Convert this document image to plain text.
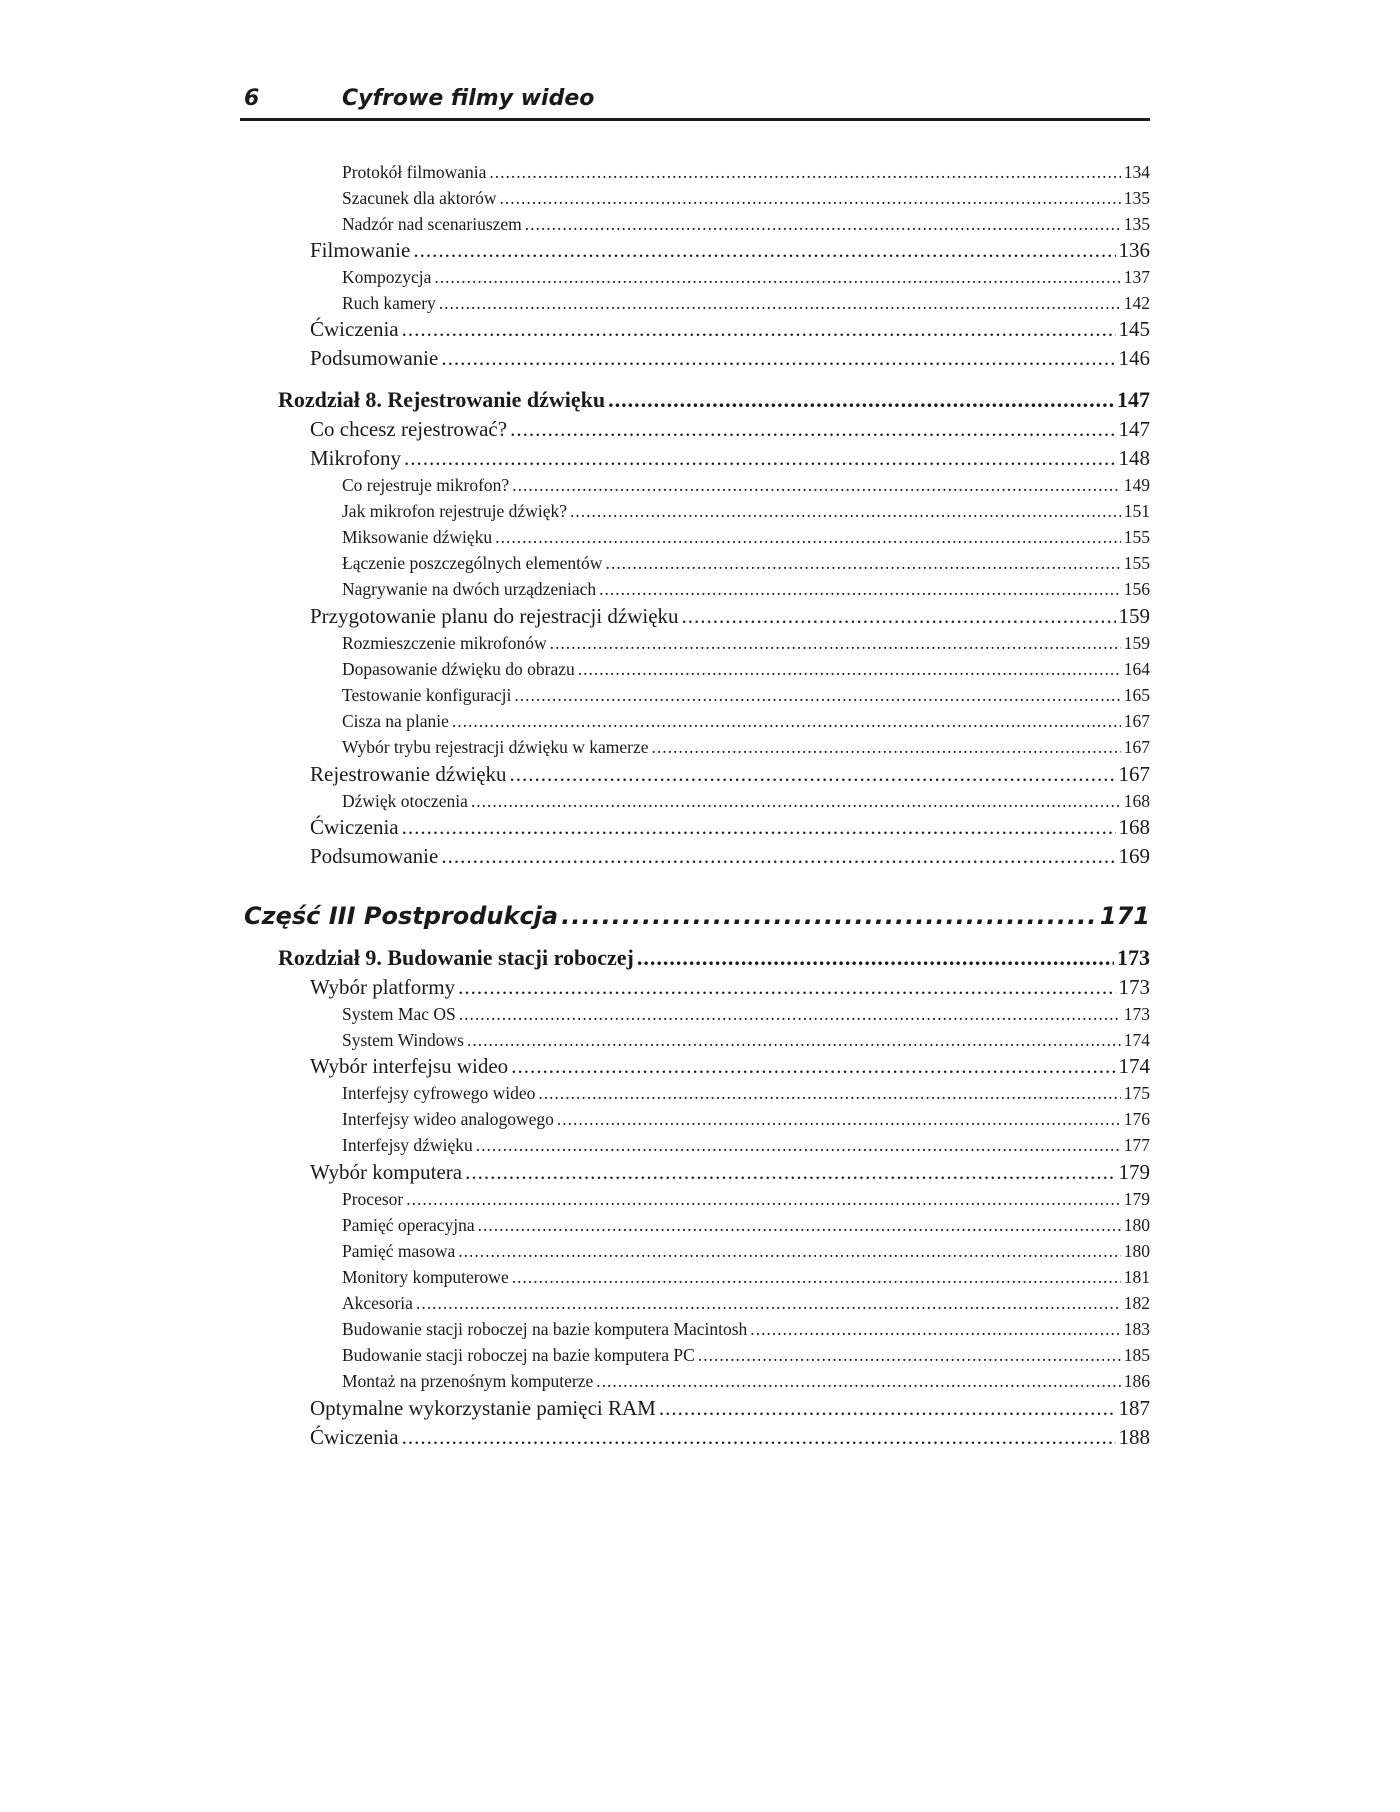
6	Cyfrowe filmy wideo
Protokół filmowania .....	134
Szacunek dla aktorów .....	135
Nadzór nad scenariuszem .....	135
Filmowanie .....	136
Kompozycja .....	137
Ruch kamery .....	142
Ćwiczenia .....	145
Podsumowanie .....	146
Rozdział 8. Rejestrowanie dźwięku .....	147
Co chcesz rejestrować? .....	147
Mikrofony .....	148
Co rejestruje mikrofon? .....	149
Jak mikrofon rejestruje dźwięk? .....	151
Miksowanie dźwięku .....	155
Łączenie poszczególnych elementów .....	155
Nagrywanie na dwóch urządzeniach .....	156
Przygotowanie planu do rejestracji dźwięku .....	159
Rozmieszczenie mikrofonów .....	159
Dopasowanie dźwięku do obrazu .....	164
Testowanie konfiguracji .....	165
Cisza na planie .....	167
Wybór trybu rejestracji dźwięku w kamerze .....	167
Rejestrowanie dźwięku .....	167
Dźwięk otoczenia .....	168
Ćwiczenia .....	168
Podsumowanie .....	169
Część III Postprodukcja .....	171
Rozdział 9. Budowanie stacji roboczej .....	173
Wybór platformy .....	173
System Mac OS .....	173
System Windows .....	174
Wybór interfejsu wideo .....	174
Interfejsy cyfrowego wideo .....	175
Interfejsy wideo analogowego .....	176
Interfejsy dźwięku .....	177
Wybór komputera .....	179
Procesor .....	179
Pamięć operacyjna .....	180
Pamięć masowa .....	180
Monitory komputerowe .....	181
Akcesoria .....	182
Budowanie stacji roboczej na bazie komputera Macintosh .....	183
Budowanie stacji roboczej na bazie komputera PC .....	185
Montaż na przenośnym komputerze .....	186
Optymalne wykorzystanie pamięci RAM .....	187
Ćwiczenia .....	188
